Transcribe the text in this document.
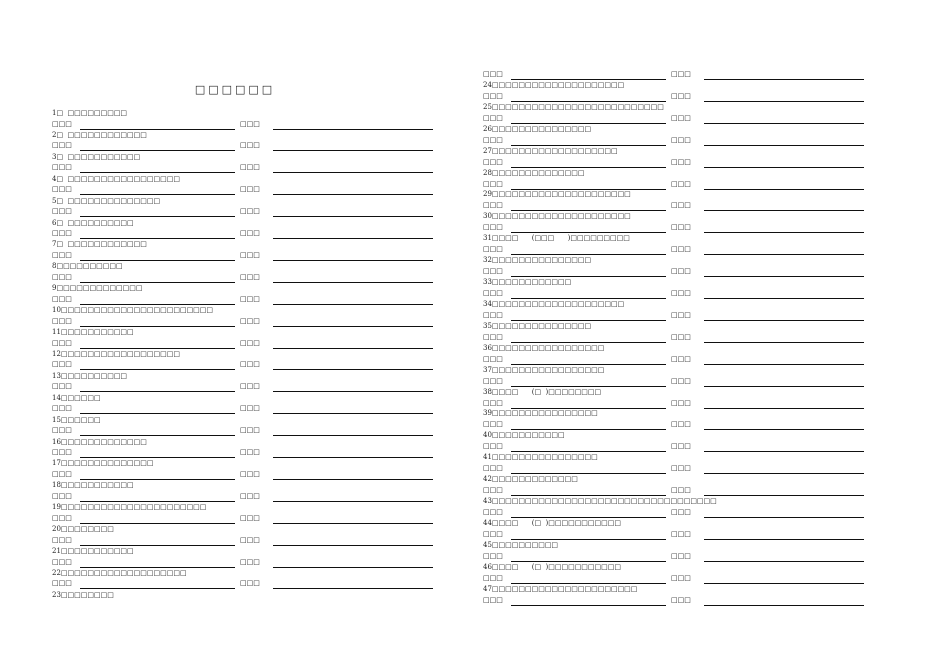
□□□□□□
1□  □□□□□□□□□
□□□	□□□
2□  □□□□□□□□□□□□
□□□	□□□
3□  □□□□□□□□□□□
□□□	□□□
4□  □□□□□□□□□□□□□□□□□
□□□	□□□
5□  □□□□□□□□□□□□□□
□□□	□□□
6□  □□□□□□□□□□
□□□	□□□
7□  □□□□□□□□□□□□
□□□	□□□
8□□□□□□□□□□
□□□	□□□
9□□□□□□□□□□□□□
□□□	□□□
10□□□□□□□□□□□□□□□□□□□□□□□
□□□	□□□
11□□□□□□□□□□□
□□□	□□□
12□□□□□□□□□□□□□□□□□□
□□□	□□□
13□□□□□□□□□□
□□□	□□□
14□□□□□□
□□□	□□□
15□□□□□□
□□□	□□□
16□□□□□□□□□□□□□
□□□	□□□
17□□□□□□□□□□□□□□
□□□	□□□
18□□□□□□□□□□□
□□□	□□□
19□□□□□□□□□□□□□□□□□□□□□□
□□□	□□□
20□□□□□□□□
□□□	□□□
21□□□□□□□□□□□
□□□	□□□
22□□□□□□□□□□□□□□□□□□□
□□□	□□□
23□□□□□□□□
□□□	□□□
24□□□□□□□□□□□□□□□□□□□□
□□□	□□□
25□□□□□□□□□□□□□□□□□□□□□□□□□□
□□□	□□□
26□□□□□□□□□□□□□□□
□□□	□□□
27□□□□□□□□□□□□□□□□□□□
□□□	□□□
28□□□□□□□□□□□□□□
□□□	□□□
29□□□□□□□□□□□□□□□□□□□□□
□□□	□□□
30□□□□□□□□□□□□□□□□□□□□□
□□□	□□□
31□□□□      (□□□      )□□□□□□□□□
□□□	□□□
32□□□□□□□□□□□□□□□
□□□	□□□
33□□□□□□□□□□□□
□□□	□□□
34□□□□□□□□□□□□□□□□□□□□
□□□	□□□
35□□□□□□□□□□□□□□□
□□□	□□□
36□□□□□□□□□□□□□□□□□
□□□	□□□
37□□□□□□□□□□□□□□□□□
□□□	□□□
38□□□□      (□  )□□□□□□□□
□□□	□□□
39□□□□□□□□□□□□□□□□
□□□	□□□
40□□□□□□□□□□□
□□□	□□□
41□□□□□□□□□□□□□□□□
□□□	□□□
42□□□□□□□□□□□□□
□□□	□□□
43□□□□□□□□□□□□□□□□□□□□□□□□□□□□□□□□□□
□□□	□□□
44□□□□      (□  )□□□□□□□□□□□
□□□	□□□
45□□□□□□□□□□
□□□	□□□
46□□□□      (□  )□□□□□□□□□□□
□□□	□□□
47□□□□□□□□□□□□□□□□□□□□□□
□□□	□□□
